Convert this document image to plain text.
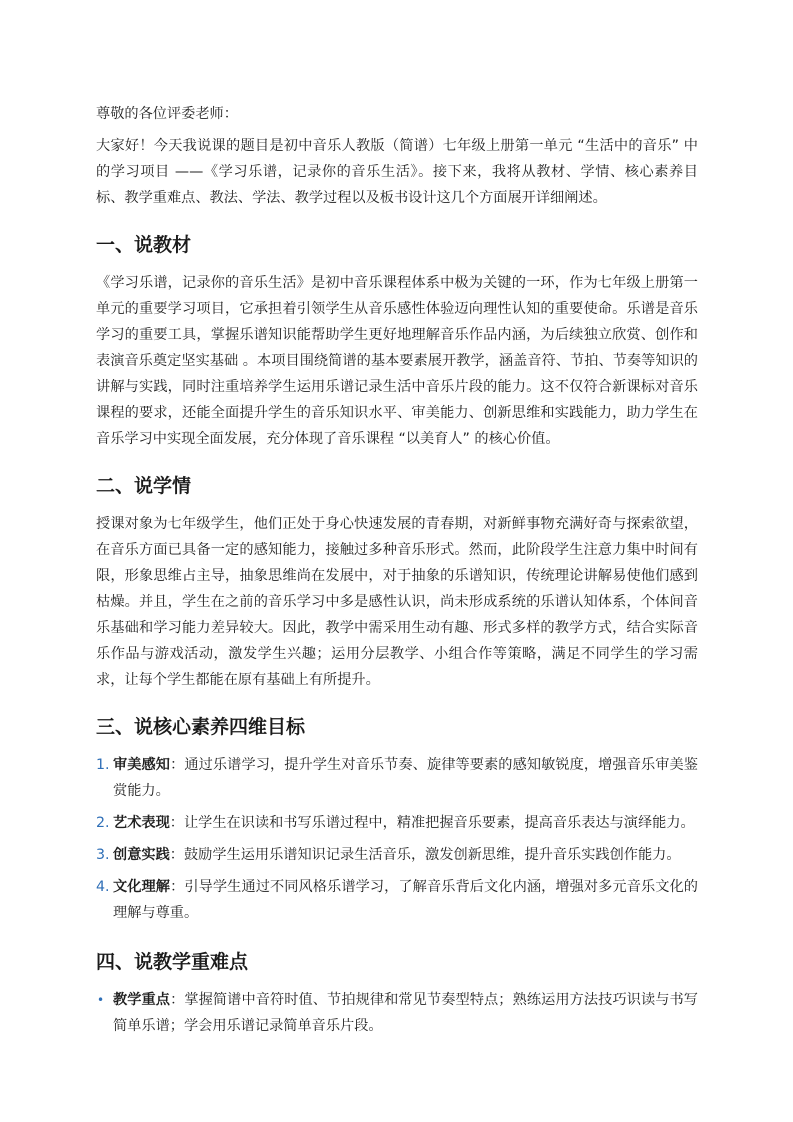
尊敬的各位评委老师：

大家好！今天我说课的题目是初中音乐人教版（简谱）七年级上册第一单元 “生活中的音乐” 中的学习项目 ——《学习乐谱，记录你的音乐生活》。接下来，我将从教材、学情、核心素养目标、教学重难点、教法、学法、教学过程以及板书设计这几个方面展开详细阐述。

一、说教材

《学习乐谱，记录你的音乐生活》是初中音乐课程体系中极为关键的一环，作为七年级上册第一单元的重要学习项目，它承担着引领学生从音乐感性体验迈向理性认知的重要使命。乐谱是音乐学习的重要工具，掌握乐谱知识能帮助学生更好地理解音乐作品内涵，为后续独立欣赏、创作和表演音乐奠定坚实基础 。本项目围绕简谱的基本要素展开教学，涵盖音符、节拍、节奏等知识的讲解与实践，同时注重培养学生运用乐谱记录生活中音乐片段的能力。这不仅符合新课标对音乐课程的要求，还能全面提升学生的音乐知识水平、审美能力、创新思维和实践能力，助力学生在音乐学习中实现全面发展，充分体现了音乐课程 “以美育人” 的核心价值。

二、说学情

授课对象为七年级学生，他们正处于身心快速发展的青春期，对新鲜事物充满好奇与探索欲望，在音乐方面已具备一定的感知能力，接触过多种音乐形式。然而，此阶段学生注意力集中时间有限，形象思维占主导，抽象思维尚在发展中，对于抽象的乐谱知识，传统理论讲解易使他们感到枯燥。并且，学生在之前的音乐学习中多是感性认识，尚未形成系统的乐谱认知体系，个体间音乐基础和学习能力差异较大。因此，教学中需采用生动有趣、形式多样的教学方式，结合实际音乐作品与游戏活动，激发学生兴趣；运用分层教学、小组合作等策略，满足不同学生的学习需求，让每个学生都能在原有基础上有所提升。

三、说核心素养四维目标
1. 审美感知：通过乐谱学习，提升学生对音乐节奏、旋律等要素的感知敏锐度，增强音乐审美鉴赏能力。
2. 艺术表现：让学生在识读和书写乐谱过程中，精准把握音乐要素，提高音乐表达与演绎能力。
3. 创意实践：鼓励学生运用乐谱知识记录生活音乐，激发创新思维，提升音乐实践创作能力。
4. 文化理解：引导学生通过不同风格乐谱学习，了解音乐背后文化内涵，增强对多元音乐文化的理解与尊重。
四、说教学重难点
• 教学重点：掌握简谱中音符时值、节拍规律和常见节奏型特点；熟练运用方法技巧识读与书写简单乐谱；学会用乐谱记录简单音乐片段。
